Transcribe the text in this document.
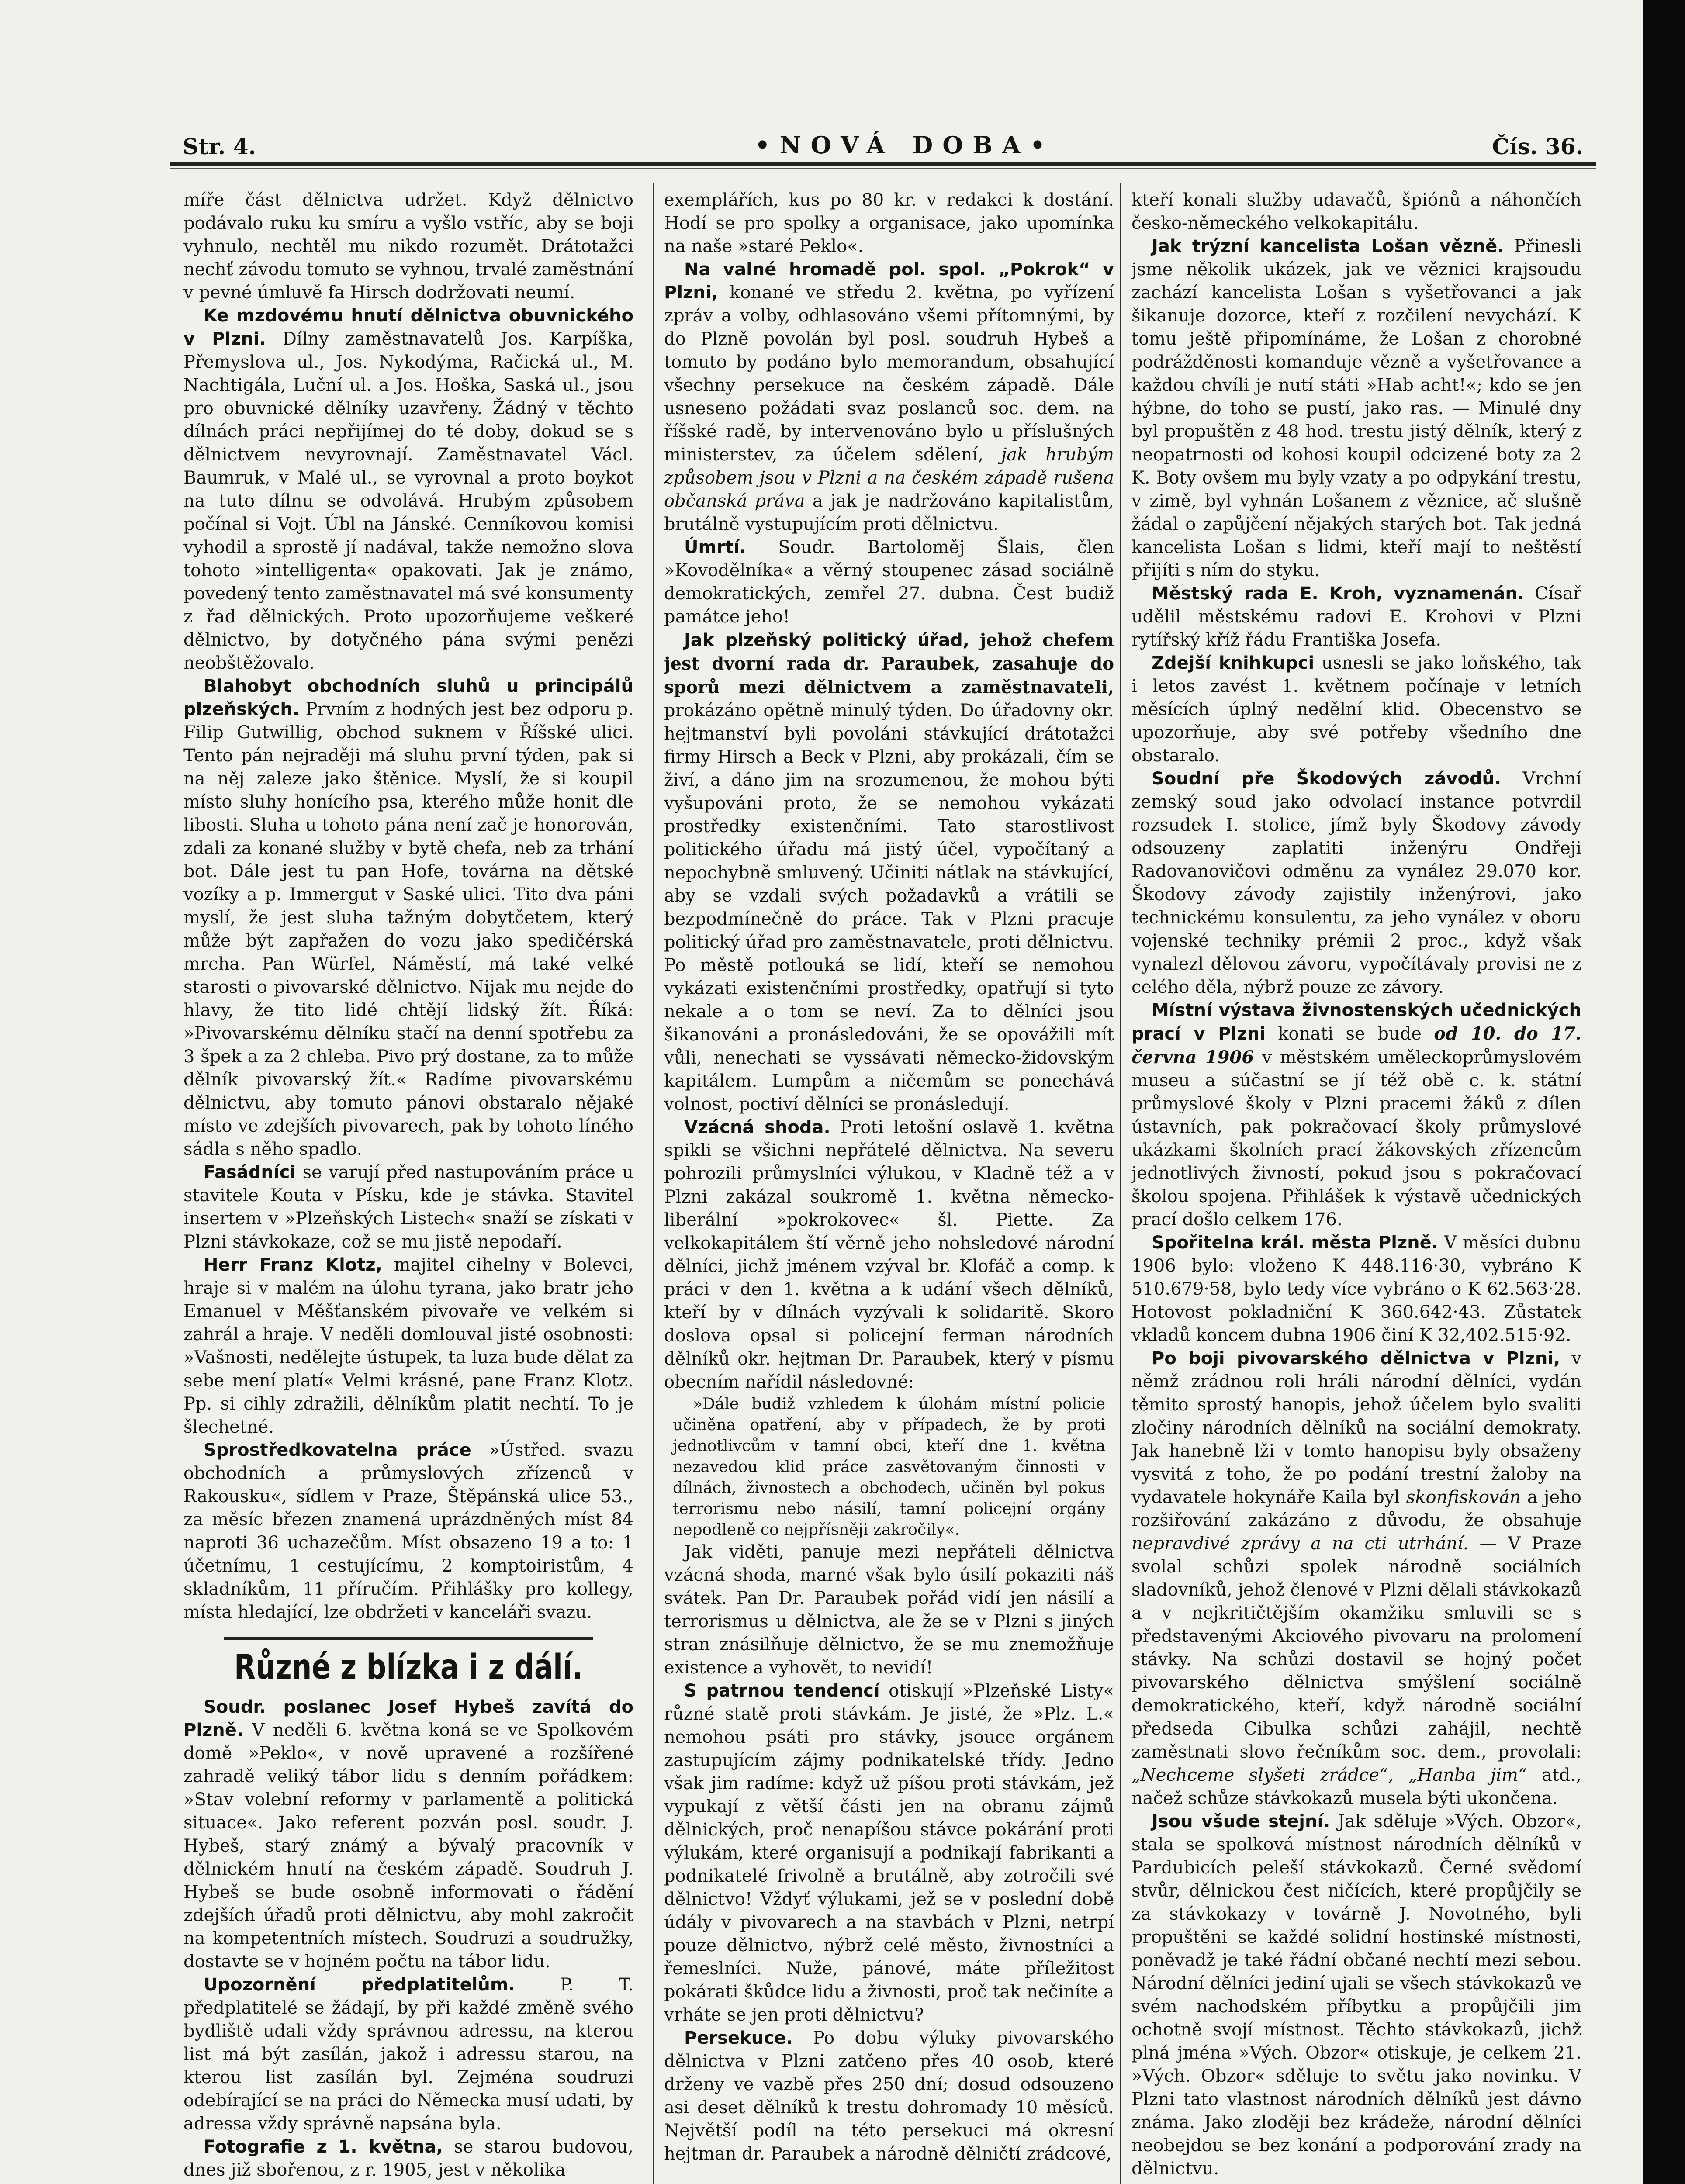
Str. 4.	•NOVÁ DOBA•	Čís. 36.

míře část dělnictva udržet. Když dělnictvo podávalo ruku ku smíru a vyšlo vstříc, aby se boji vyhnulo, nechtěl mu nikdo rozumět. Drátotažci nechť závodu tomuto se vyhnou, trvalé zaměstnání v pevné úmluvě fa Hirsch dodržovati neumí.

Ke mzdovému hnutí dělnictva obuvnického v Plzni. Dílny zaměstnavatelů Jos. Karpíška, Přemyslova ul., Jos. Nykodýma, Račická ul., M. Nachtigála, Luční ul. a Jos. Hoška, Saská ul., jsou pro obuvnické dělníky uzavřeny. Žádný v těchto dílnách práci nepřijímej do té doby, dokud se s dělnictvem nevyrovnají. Zaměstnavatel Václ. Baumruk, v Malé ul., se vyrovnal a proto boykot na tuto dílnu se odvolává. Hrubým způsobem počínal si Vojt. Úbl na Jánské. Cenníkovou komisi vyhodil a sprostě jí nadával, takže nemožno slova tohoto »intelligenta« opakovati. Jak je známo, povedený tento zaměstnavatel má své konsumenty z řad dělnických. Proto upozorňujeme veškeré dělnictvo, by dotyčného pána svými penězi neobštěžovalo.

Blahobyt obchodních sluhů u principálů plzeňských. Prvním z hodných jest bez odporu p. Filip Gutwillig, obchod suknem v Říšské ulici. Tento pán nejraději má sluhu první týden, pak si na něj zaleze jako štěnice. Myslí, že si koupil místo sluhy honícího psa, kterého může honit dle libosti. Sluha u tohoto pána není zač je honorován, zdali za konané služby v bytě chefa, neb za trhání bot. Dále jest tu pan Hofe, továrna na dětské vozíky a p. Immergut v Saské ulici. Tito dva páni myslí, že jest sluha tažným dobytčetem, který může být zapřažen do vozu jako spedičérská mrcha. Pan Würfel, Náměstí, má také velké starosti o pivovarské dělnictvo. Nijak mu nejde do hlavy, že tito lidé chtějí lidský žít. Říká: »Pivovarskému dělníku stačí na denní spotřebu za 3 špek a za 2 chleba. Pivo prý dostane, za to může dělník pivovarský žít.« Radíme pivovarskému dělnictvu, aby tomuto pánovi obstaralo nějaké místo ve zdejších pivovarech, pak by tohoto líného sádla s něho spadlo.

Fasádníci se varují před nastupováním práce u stavitele Kouta v Písku, kde je stávka. Stavitel insertem v »Plzeňských Listech« snaží se získati v Plzni stávkokaze, což se mu jistě nepodaří.

Herr Franz Klotz, majitel cihelny v Bolevci, hraje si v malém na úlohu tyrana, jako bratr jeho Emanuel v Měšťanském pivovaře ve velkém si zahrál a hraje. V neděli domlouval jisté osobnosti: »Vašnosti, nedělejte ústupek, ta luza bude dělat za sebe mení platí« Velmi krásné, pane Franz Klotz. Pp. si cihly zdražili, dělníkům platit nechtí. To je šlechetné.

Sprostředkovatelna práce »Ústřed. svazu obchodních a průmyslových zřízenců v Rakousku«, sídlem v Praze, Štěpánská ulice 53., za měsíc březen znamená uprázdněných míst 84 naproti 36 uchazečům. Míst obsazeno 19 a to: 1 účetnímu, 1 cestujícímu, 2 komptoiristům, 4 skladníkům, 11 příručím. Přihlášky pro kollegy, místa hledající, lze obdržeti v kanceláři svazu.

Různé z blízka i z dálí.

Soudr. poslanec Josef Hybeš zavítá do Plzně. V neděli 6. května koná se ve Spolkovém domě »Peklo«, v nově upravené a rozšířené zahradě veliký tábor lidu s denním pořádkem: »Stav volební reformy v parlamentě a politická situace«. Jako referent pozván posl. soudr. J. Hybeš, starý známý a bývalý pracovník v dělnickém hnutí na českém západě. Soudruh J. Hybeš se bude osobně informovati o řádění zdejších úřadů proti dělnictvu, aby mohl zakročit na kompetentních místech. Soudruzi a soudružky, dostavte se v hojném počtu na tábor lidu.

Upozornění předplatitelům.	P. T. předplatitelé se žádají, by při každé změně svého bydliště udali vždy správnou adressu, na kterou list má být zasílán, jakož i adressu starou, na kterou list zasílán byl. Zejména soudruzi odebírající se na práci do Německa musí udati, by adressa vždy správně napsána byla.

Fotografie z 1. května, se starou budovou, dnes již sbořenou, z r. 1905, jest v několika

exemplářích, kus po 80 kr. v redakci k dostání. Hodí se pro spolky a organisace, jako upomínka na naše »staré Peklo«.

Na valné hromadě pol. spol. „Pokrok“ v Plzni, konané ve středu 2. května, po vyřízení zpráv a volby, odhlasováno všemi přítomnými, by do Plzně povolán byl posl. soudruh Hybeš a tomuto by podáno bylo memorandum, obsahující všechny persekuce na českém západě. Dále usneseno požádati svaz poslanců soc. dem. na říšské radě, by intervenováno bylo u příslušných ministerstev, za účelem sdělení, jak hrubým způsobem jsou v Plzni a na českém západě rušena občanská práva a jak je nadržováno kapitalistům, brutálně vystupujícím proti dělnictvu.

Úmrtí. Soudr. Bartoloměj Šlais, člen »Kovodělníka« a věrný stoupenec zásad sociálně demokratických, zemřel 27. dubna. Čest budiž památce jeho!

Jak plzeňský politický úřad, jehož chefem jest dvorní rada dr. Paraubek, zasahuje do sporů mezi dělnictvem a zaměstnavateli, prokázáno opětně minulý týden. Do úřadovny okr. hejtmanství byli povoláni stávkující drátotažci firmy Hirsch a Beck v Plzni, aby prokázali, čím se živí, a dáno jim na srozumenou, že mohou býti vyšupováni proto, že se nemohou vykázati prostředky existenčními. Tato starostlivost politického úřadu má jistý účel, vypočítaný a nepochybně smluvený. Učiniti nátlak na stávkující, aby se vzdali svých požadavků a vrátili se bezpodmínečně do práce. Tak v Plzni pracuje politický úřad pro zaměstnavatele, proti dělnictvu. Po městě potlouká se lidí, kteří se nemohou vykázati existenčními prostředky, opatřují si tyto nekale a o tom se neví. Za to dělníci jsou šikanováni a pronásledováni, že se opovážili mít vůli, nenechati se vyssávati německo-židovským kapitálem. Lumpům a ničemům se ponechává volnost, poctiví dělníci se pronásledují.

Vzácná shoda. Proti letošní oslavě 1. května spikli se všichni nepřátelé dělnictva. Na severu pohrozili průmyslníci výlukou, v Kladně též a v Plzni zakázal soukromě 1. května německo-liberální »pokrokovec« šl. Piette. Za velkokapitálem ští věrně jeho nohsledové národní dělníci, jichž jménem vzýval br. Klofáč a comp. k práci v den 1. května a k udání všech dělníků, kteří by v dílnách vyzývali k solidaritě. Skoro doslova opsal si policejní ferman národních dělníků okr. hejtman Dr. Paraubek, který v písmu obecním nařídil následovné:

»Dále budiž vzhledem k úlohám místní policie učiněna opatření, aby v případech, že by proti jednotlivcům v tamní obci, kteří dne 1. května nezavedou klid práce zasvětovaným činnosti v dílnách, živnostech a obchodech, učiněn byl pokus terrorismu nebo násilí, tamní policejní orgány nepodleně co nejpřísněji zakročily«.

Jak viděti, panuje mezi nepřáteli dělnictva vzácná shoda, marné však bylo úsilí pokaziti náš svátek. Pan Dr. Paraubek pořád vidí jen násilí a terrorismus u dělnictva, ale že se v Plzni s jiných stran znásilňuje dělnictvo, že se mu znemožňuje existence a vyhovět, to nevidí!

S patrnou tendencí otiskují »Plzeňské Listy« různé statě proti stávkám. Je jisté, že »Plz. L.« nemohou psáti pro stávky, jsouce orgánem zastupujícím zájmy podnikatelské třídy. Jedno však jim radíme: když už píšou proti stávkám, jež vypukají z větší části jen na obranu zájmů dělnických, proč nenapíšou stávce pokárání proti výlukám, které organisují a podnikají fabrikanti a podnikatelé frivolně a brutálně, aby zotročili své dělnictvo! Vždyť výlukami, jež se v poslední době údály v pivovarech a na stavbách v Plzni, netrpí pouze dělnictvo, nýbrž celé město, živnostníci a řemeslníci. Nuže, pánové, máte příležitost pokárati škůdce lidu a živnosti, proč tak nečiníte a vrháte se jen proti dělnictvu?

Persekuce. Po dobu výluky pivovarského dělnictva v Plzni zatčeno přes 40 osob, které drženy ve vazbě přes 250 dní; dosud odsouzeno asi deset dělníků k trestu dohromady 10 měsíců. Největší podíl na této persekuci má okresní hejtman dr. Paraubek a národně dělničtí zrádcové,

kteří konali služby udavačů, špiónů a náhončích česko-německého velkokapitálu.

Jak trýzní kancelista Lošan vězně. Přinesli jsme několik ukázek, jak ve věznici krajsoudu zachází kancelista Lošan s vyšetřovanci a jak šikanuje dozorce, kteří z rozčilení nevychází. K tomu ještě připomínáme, že Lošan z chorobné podrážděnosti komanduje vězně a vyšetřovance a každou chvíli je nutí státi »Hab acht!«; kdo se jen hýbne, do toho se pustí, jako ras. — Minulé dny byl propuštěn z 48 hod. trestu jistý dělník, který z neopatrnosti od kohosi koupil odcizené boty za 2 K. Boty ovšem mu byly vzaty a po odpykání trestu, v zimě, byl vyhnán Lošanem z věznice, ač slušně žádal o zapůjčení nějakých starých bot. Tak jedná kancelista Lošan s lidmi, kteří mají to neštěstí přijíti s ním do styku.

Městský rada E. Kroh, vyznamenán. Císař udělil městskému radovi E. Krohovi v Plzni rytířský kříž řádu Františka Josefa.

Zdejší knihkupci usnesli se jako loňského, tak i letos zavést 1. květnem počínaje v letních měsících úplný nedělní klid. Obecenstvo se upozorňuje, aby své potřeby všedního dne obstaralo.

Soudní pře Škodových závodů. Vrchní zemský soud jako odvolací instance potvrdil rozsudek I. stolice, jímž byly Škodovy závody odsouzeny zaplatiti inženýru Ondřeji Radovanovičovi odměnu za vynález 29.070 kor. Škodovy závody zajistily inženýrovi, jako technickému konsulentu, za jeho vynález v oboru vojenské techniky prémii 2 proc., když však vynalezl dělovou závoru, vypočítávaly provisi ne z celého děla, nýbrž pouze ze závory.

Místní výstava živnostenských učednických prací v Plzni konati se bude od 10. do 17. června 1906 v městském uměleckoprůmyslovém museu a súčastní se jí též obě c. k. státní průmyslové školy v Plzni pracemi žáků z dílen ústavních, pak pokračovací školy průmyslové ukázkami školních prací žákovských zřízencům jednotlivých živností, pokud jsou s pokračovací školou spojena. Přihlášek k výstavě učednických prací došlo celkem 176.

Spořitelna král. města Plzně. V měsíci dubnu 1906 bylo: vloženo K 448.116·30, vybráno K 510.679·58, bylo tedy více vybráno o K 62.563·28. Hotovost pokladniční K 360.642·43. Zůstatek vkladů koncem dubna 1906 činí K 32,402.515·92.

Po boji pivovarského dělnictva v Plzni, v němž zrádnou roli hráli národní dělníci, vydán těmito sprostý hanopis, jehož účelem bylo svaliti zločiny národních dělníků na sociální demokraty. Jak hanebně lži v tomto hanopisu byly obsaženy vysvitá z toho, že po podání trestní žaloby na vydavatele hokynáře Kaila byl skonfiskován a jeho rozšiřování zakázáno z důvodu, že obsahuje nepravdivé zprávy a na cti utrhání. — V Praze svolal schůzi spolek národně sociálních sladovníků, jehož členové v Plzni dělali stávkokazů a v nejkritičtějším okamžiku smluvili se s představenými Akciového pivovaru na prolomení stávky. Na schůzi dostavil se hojný počet pivovarského dělnictva smýšlení sociálně demokratického, kteří, když národně sociální předseda Cibulka schůzi zahájil, nechtě zaměstnati slovo řečníkům soc. dem., provolali: „Nechceme slyšeti zrádce“, „Hanba jim“ atd., načež schůze stávkokazů musela býti ukončena.

Jsou všude stejní. Jak sděluje »Vých. Obzor«, stala se spolková místnost národních dělníků v Pardubicích peleší stávkokazů. Černé svědomí stvůr, dělnickou čest ničících, které propůjčily se za stávkokazy v továrně J. Novotného, byli propuštěni se každé solidní hostinské místnosti, poněvadž je také řádní občané nechtí mezi sebou. Národní dělníci jediní ujali se všech stávkokazů ve svém nachodském příbytku a propůjčili jim ochotně svojí místnost. Těchto stávkokazů, jichž plná jména »Vých. Obzor« otiskuje, je celkem 21. »Vých. Obzor« sděluje to světu jako novinku. V Plzni tato vlastnost národních dělníků jest dávno známa. Jako zloději bez krádeže, národní dělníci neobejdou se bez konání a podporování zrady na dělnictvu.
